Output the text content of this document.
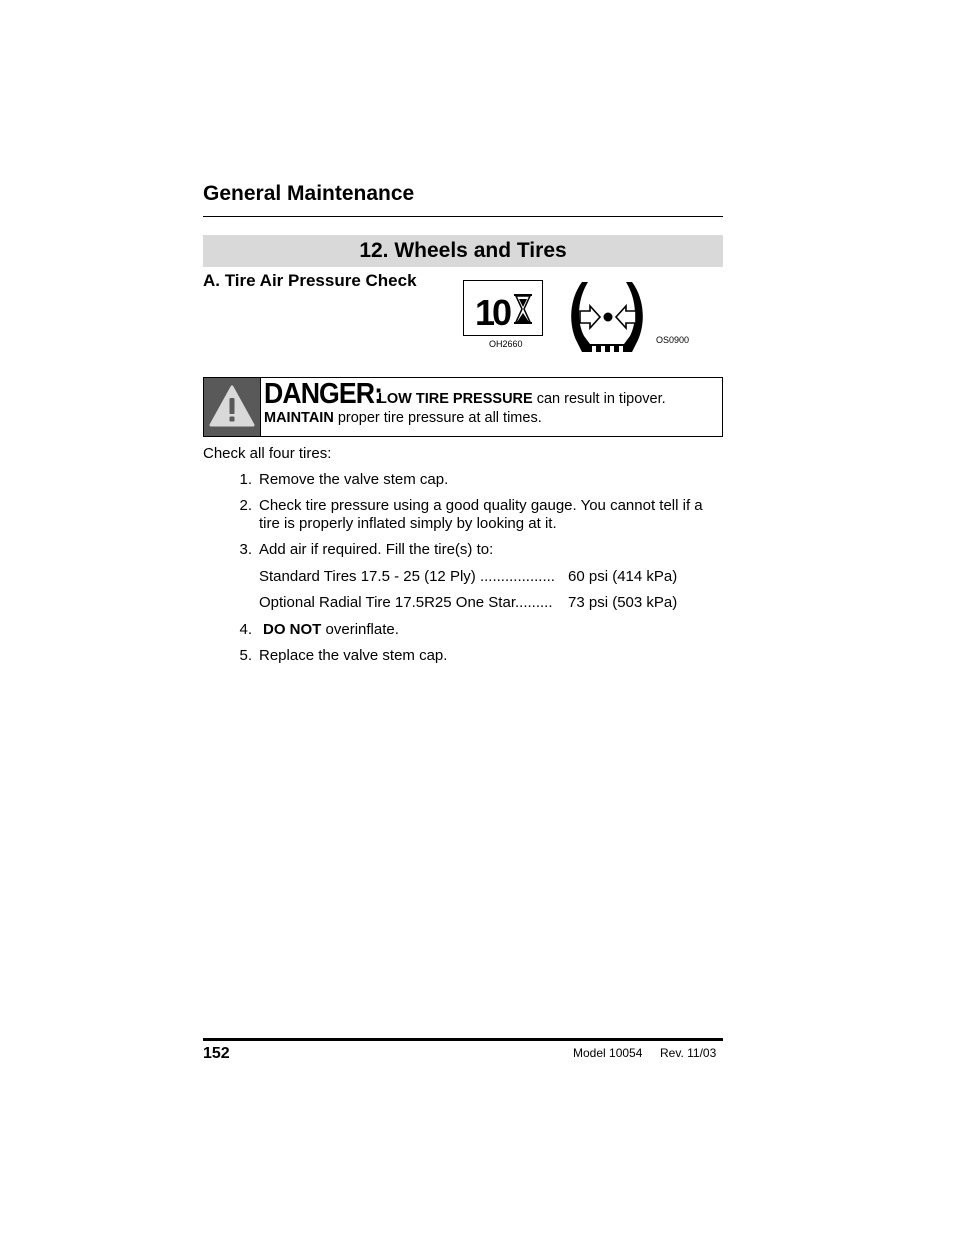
General Maintenance
12. Wheels and Tires
A. Tire Air Pressure Check
10
OH2660	OS0900
DANGER:
LOW TIRE PRESSURE can result in tipover.
MAINTAIN proper tire pressure at all times.
Check all four tires:
1. Remove the valve stem cap.
2. Check tire pressure using a good quality gauge. You cannot tell if a
tire is properly inflated simply by looking at it.
3. Add air if required. Fill the tire(s) to:
Standard Tires 17.5 - 25 (12 Ply) .................. 60 psi (414 kPa)
Optional Radial Tire 17.5R25 One Star......... 73 psi (503 kPa)
4. DO NOT overinflate.
5. Replace the valve stem cap.
152	Model 10054 Rev. 11/03
